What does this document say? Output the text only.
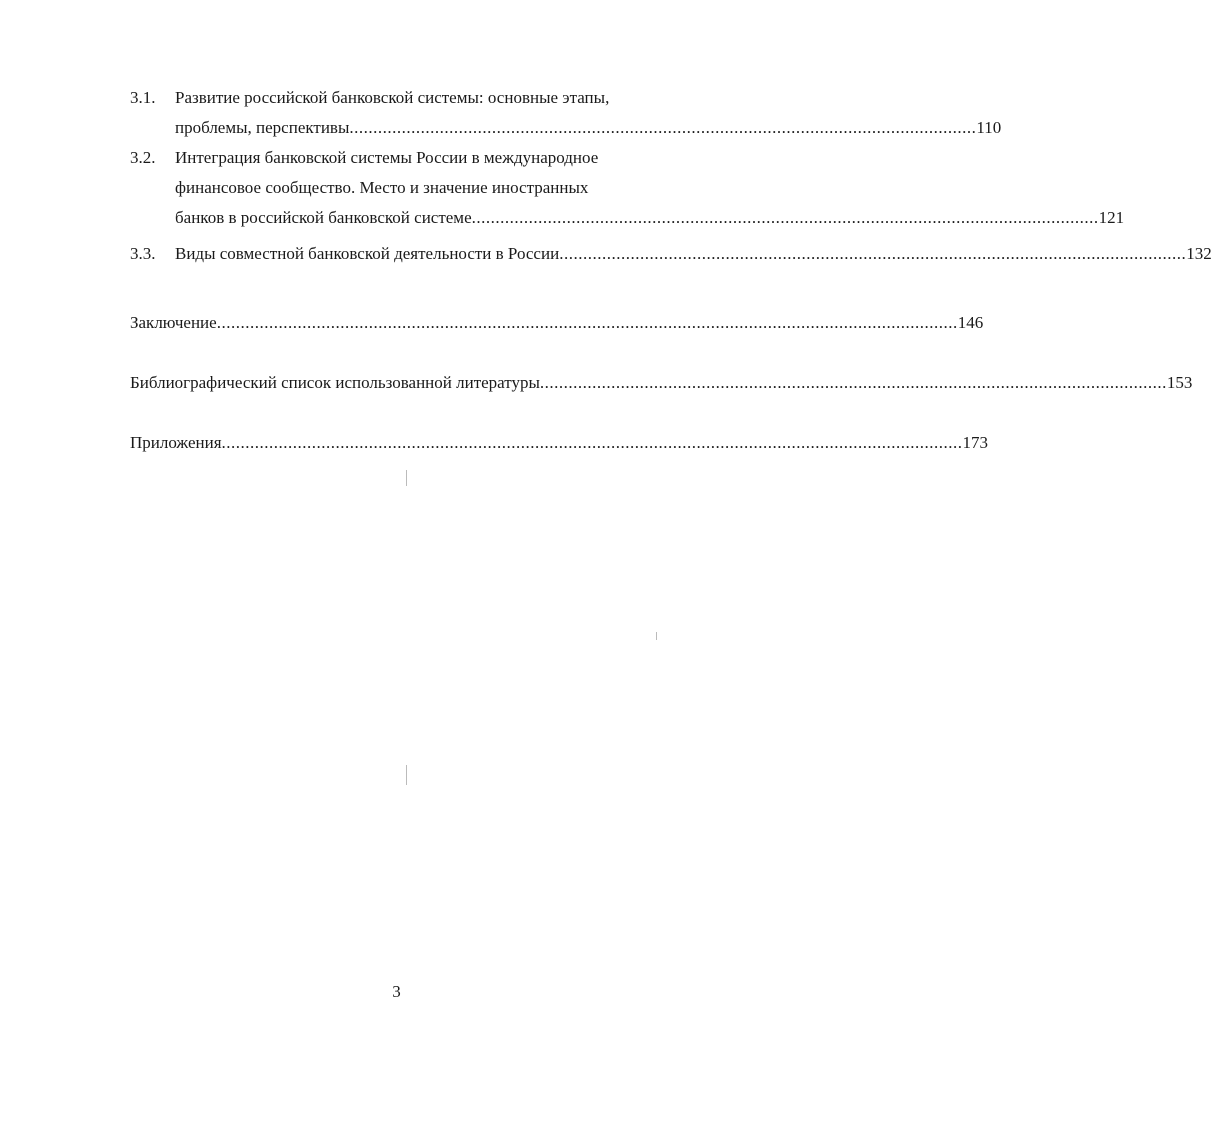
3.1. Развитие российской банковской системы: основные этапы,
проблемы, перспективы .................................................................................................................................... 110
3.2. Интеграция банковской системы России в международное
финансовое сообщество. Место и значение иностранных
банков в российской банковской системе .................................................................................................................................... 121
3.3. Виды совместной банковской деятельности в России .................................................................................................................................... 132
Заключение ............................................................................................................................................................ 146
Библиографический список использованной литературы .................................................................................................................................... 153
Приложения ............................................................................................................................................................ 173
3
